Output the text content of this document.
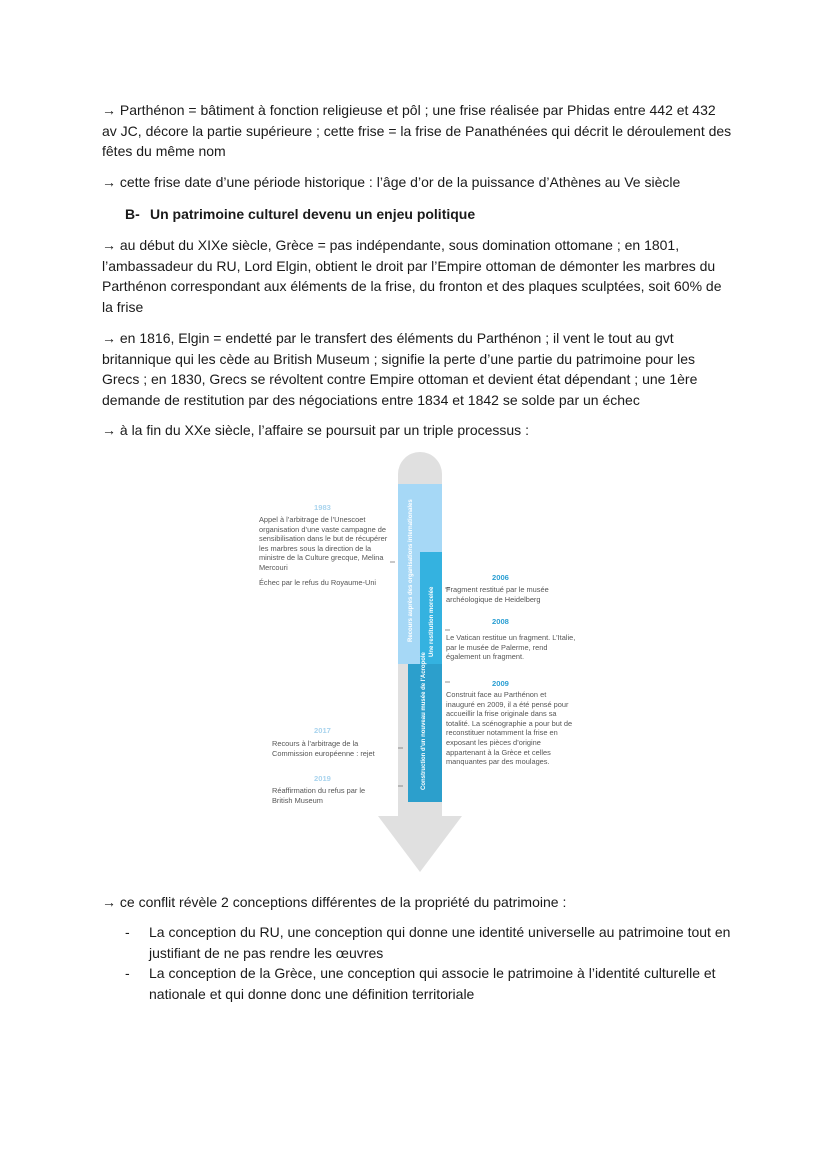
→ Parthénon = bâtiment à fonction religieuse et pôl ; une frise réalisée par Phidas entre 442 et 432 av JC, décore la partie supérieure ; cette frise = la frise de Panathénées qui décrit le déroulement des fêtes du même nom

→ cette frise date d’une période historique : l’âge d’or de la puissance d’Athènes au Ve siècle

B- Un patrimoine culturel devenu un enjeu politique

→ au début du XIXe siècle, Grèce = pas indépendante, sous domination ottomane ; en 1801, l’ambassadeur du RU, Lord Elgin, obtient le droit par l’Empire ottoman de démonter les marbres du Parthénon correspondant aux éléments de la frise, du fronton et des plaques sculptées, soit 60% de la frise

→ en 1816, Elgin = endetté par le transfert des éléments du Parthénon ; il vent le tout au gvt britannique qui les cède au British Museum ; signifie la perte d’une partie du patrimoine pour les Grecs ; en 1830, Grecs se révoltent contre Empire ottoman et devient état dépendant ; une 1ère demande de restitution par des négociations entre 1834 et 1842 se solde par un échec

→ à la fin du XXe siècle, l’affaire se poursuit par un triple processus :

Recours auprès des organisations internationales	Une restitution morcelée
Construction d'un nouveau musée de l'Acropole
1983

Appel à l’arbitrage de l’Unescoet organisation d’une vaste campagne de sensibilisation dans le but de récupérer les marbres sous la direction de la ministre de la Culture grecque, Melina Mercouri

Échec par le refus du Royaume-Uni

2017

Recours à l’arbitrage de la Commission européenne : rejet

2019

Réaffirmation du refus par le British Museum

2006

Fragment restitué par le musée archéologique de Heidelberg

2008

Le Vatican restitue un fragment. L’Italie, par le musée de Palerme, rend également un fragment.

2009

Construit face au Parthénon et inauguré en 2009, il a été pensé pour accueillir la frise originale dans sa totalité. La scénographie a pour but de reconstituer notamment la frise en exposant les pièces d’origine appartenant à la Grèce et celles manquantes par des moulages.

→ ce conflit révèle 2 conceptions différentes de la propriété du patrimoine :

-	La conception du RU, une conception qui donne une identité universelle au patrimoine tout en justifiant de ne pas rendre les œuvres

-	La conception de la Grèce, une conception qui associe le patrimoine à l’identité culturelle et nationale et qui donne donc une définition territoriale
